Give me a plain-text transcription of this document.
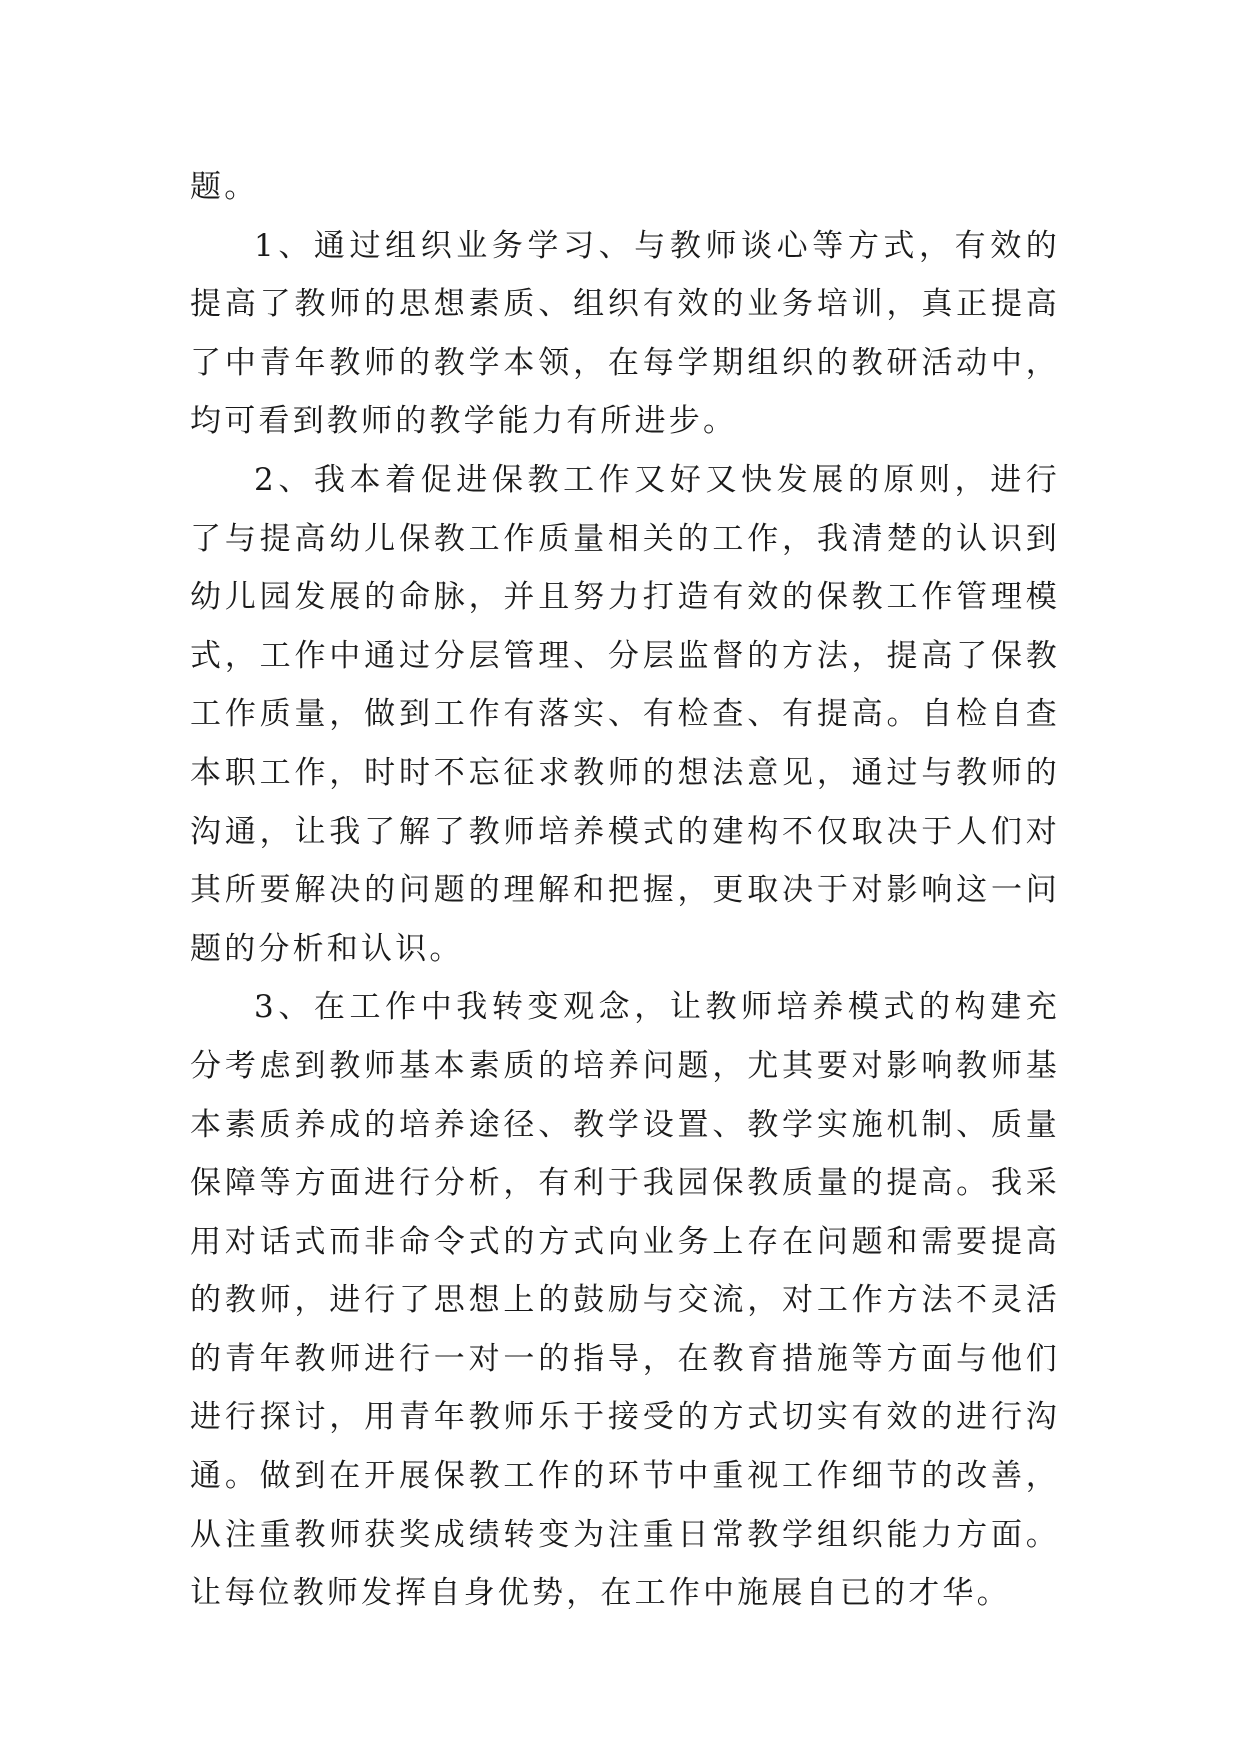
题。

1、通过组织业务学习、与教师谈心等方式，有效的提高了教师的思想素质、组织有效的业务培训，真正提高了中青年教师的教学本领，在每学期组织的教研活动中，均可看到教师的教学能力有所进步。

2、我本着促进保教工作又好又快发展的原则，进行了与提高幼儿保教工作质量相关的工作，我清楚的认识到幼儿园发展的命脉，并且努力打造有效的保教工作管理模式，工作中通过分层管理、分层监督的方法，提高了保教工作质量，做到工作有落实、有检查、有提高。自检自查本职工作，时时不忘征求教师的想法意见，通过与教师的沟通，让我了解了教师培养模式的建构不仅取决于人们对其所要解决的问题的理解和把握，更取决于对影响这一问题的分析和认识。

3、在工作中我转变观念，让教师培养模式的构建充分考虑到教师基本素质的培养问题，尤其要对影响教师基本素质养成的培养途径、教学设置、教学实施机制、质量保障等方面进行分析，有利于我园保教质量的提高。我采用对话式而非命令式的方式向业务上存在问题和需要提高的教师，进行了思想上的鼓励与交流，对工作方法不灵活的青年教师进行一对一的指导，在教育措施等方面与他们进行探讨，用青年教师乐于接受的方式切实有效的进行沟通。做到在开展保教工作的环节中重视工作细节的改善，从注重教师获奖成绩转变为注重日常教学组织能力方面。让每位教师发挥自身优势，在工作中施展自已的才华。
